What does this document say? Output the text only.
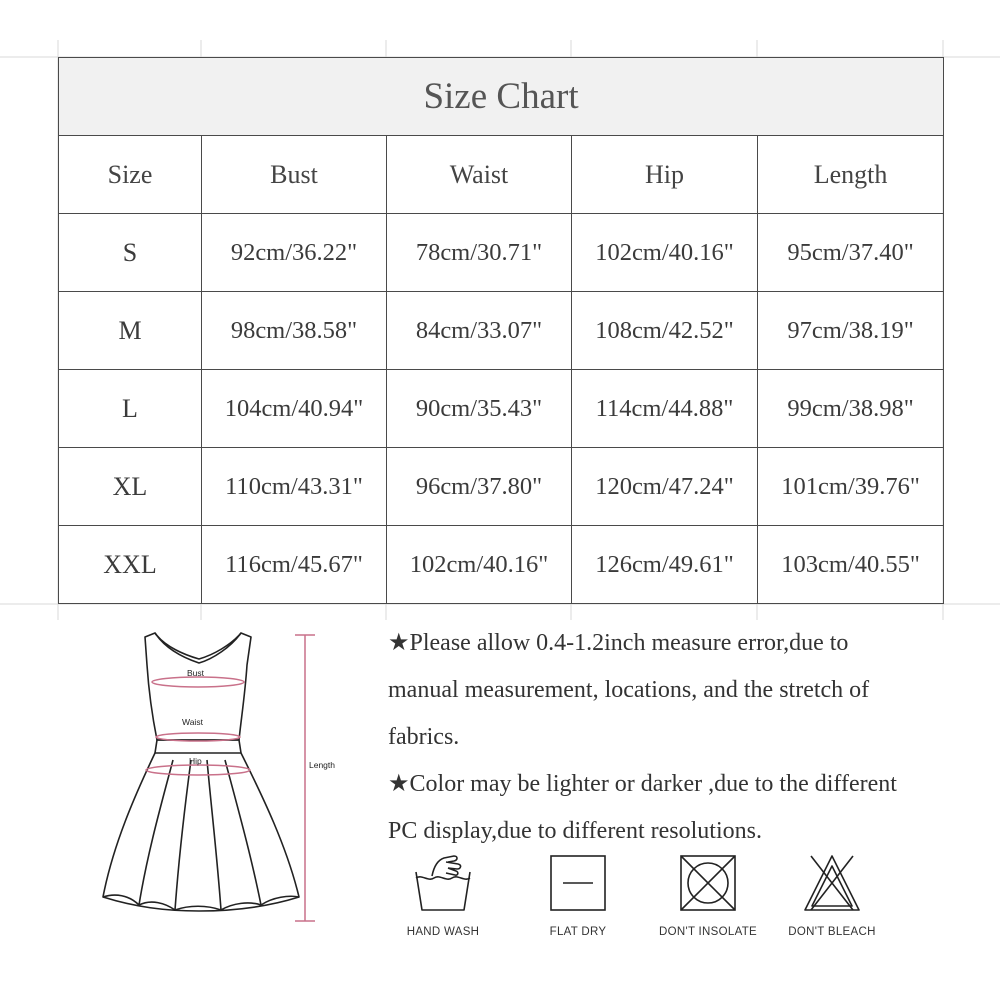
Size Chart				
Size	Bust	Waist	Hip	Length
S	92cm/36.22"	78cm/30.71"	102cm/40.16"	95cm/37.40"
M	98cm/38.58"	84cm/33.07"	108cm/42.52"	97cm/38.19"
L	104cm/40.94"	90cm/35.43"	114cm/44.88"	99cm/38.98"
XL	110cm/43.31"	96cm/37.80"	120cm/47.24"	101cm/39.76"
XXL	116cm/45.67"	102cm/40.16"	126cm/49.61"	103cm/40.55"
Bust
Waist
Hip	Length

★Please allow 0.4-1.2inch measure error,due to manual measurement, locations, and the stretch of fabrics.

★Color may be lighter or darker ,due to the different PC display,due to different resolutions.

HAND WASH	FLAT DRY	DON'T INSOLATE	DON'T BLEACH
